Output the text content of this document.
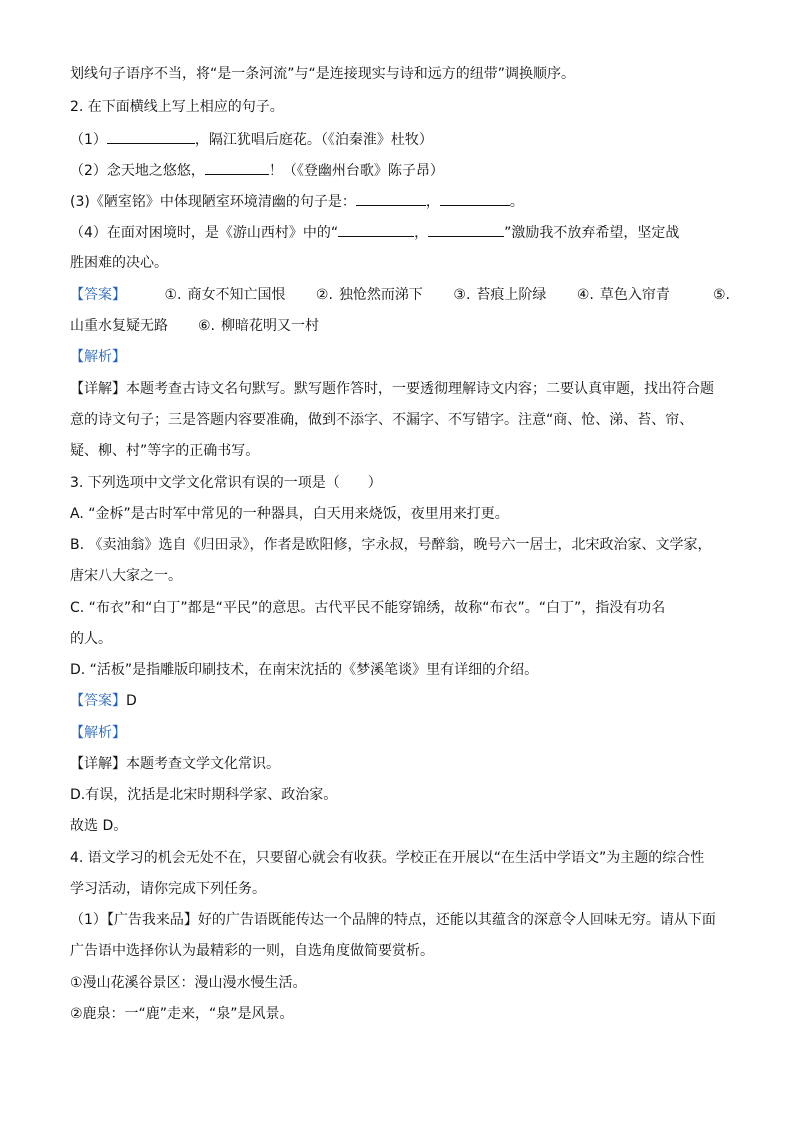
划线句子语序不当，将“是一条河流”与“是连接现实与诗和远方的纽带”调换顺序。
2. 在下面横线上写上相应的句子。
（1）	，隔江犹唱后庭花。（《泊秦淮》杜牧）
（2）念天地之悠悠，	！（《登幽州台歌》陈子昂）
(3)《陋室铭》中体现陋室环境清幽的句子是：	，	。
（4）在面对困境时，是《游山西村》中的“	，	”激励我不放弃希望，坚定战
胜困难的决心。
【答案】	①. 商女不知亡国恨 ②. 独怆然而涕下 ③. 苔痕上阶绿 ④. 草色入帘青	⑤.
山重水复疑无路 ⑥. 柳暗花明又一村
【解析】
【详解】本题考查古诗文名句默写。默写题作答时，一要透彻理解诗文内容；二要认真审题，找出符合题
意的诗文句子；三是答题内容要准确，做到不添字、不漏字、不写错字。注意“商、怆、涕、苔、帘、
疑、柳、村”等字的正确书写。
3. 下列选项中文学文化常识有误的一项是（　　）
A. “金柝”是古时军中常见的一种器具，白天用来烧饭，夜里用来打更。
B. 《卖油翁》选自《归田录》，作者是欧阳修，字永叔，号醉翁，晚号六一居士，北宋政治家、文学家，
唐宋八大家之一。
C. “布衣”和“白丁”都是“平民”的意思。古代平民不能穿锦绣，故称“布衣”。“白丁”，指没有功名
的人。
D. “活板”是指雕版印刷技术，在南宋沈括的《梦溪笔谈》里有详细的介绍。
【答案】D
【解析】
【详解】本题考查文学文化常识。
D.有误，沈括是北宋时期科学家、政治家。
故选 D。
4. 语文学习的机会无处不在，只要留心就会有收获。学校正在开展以“在生活中学语文”为主题的综合性
学习活动，请你完成下列任务。
（1）【广告我来品】好的广告语既能传达一个品牌的特点，还能以其蕴含的深意令人回味无穷。请从下面
广告语中选择你认为最精彩的一则，自选角度做简要赏析。
①漫山花溪谷景区：漫山漫水慢生活。
②鹿泉：一“鹿”走来，“泉”是风景。
